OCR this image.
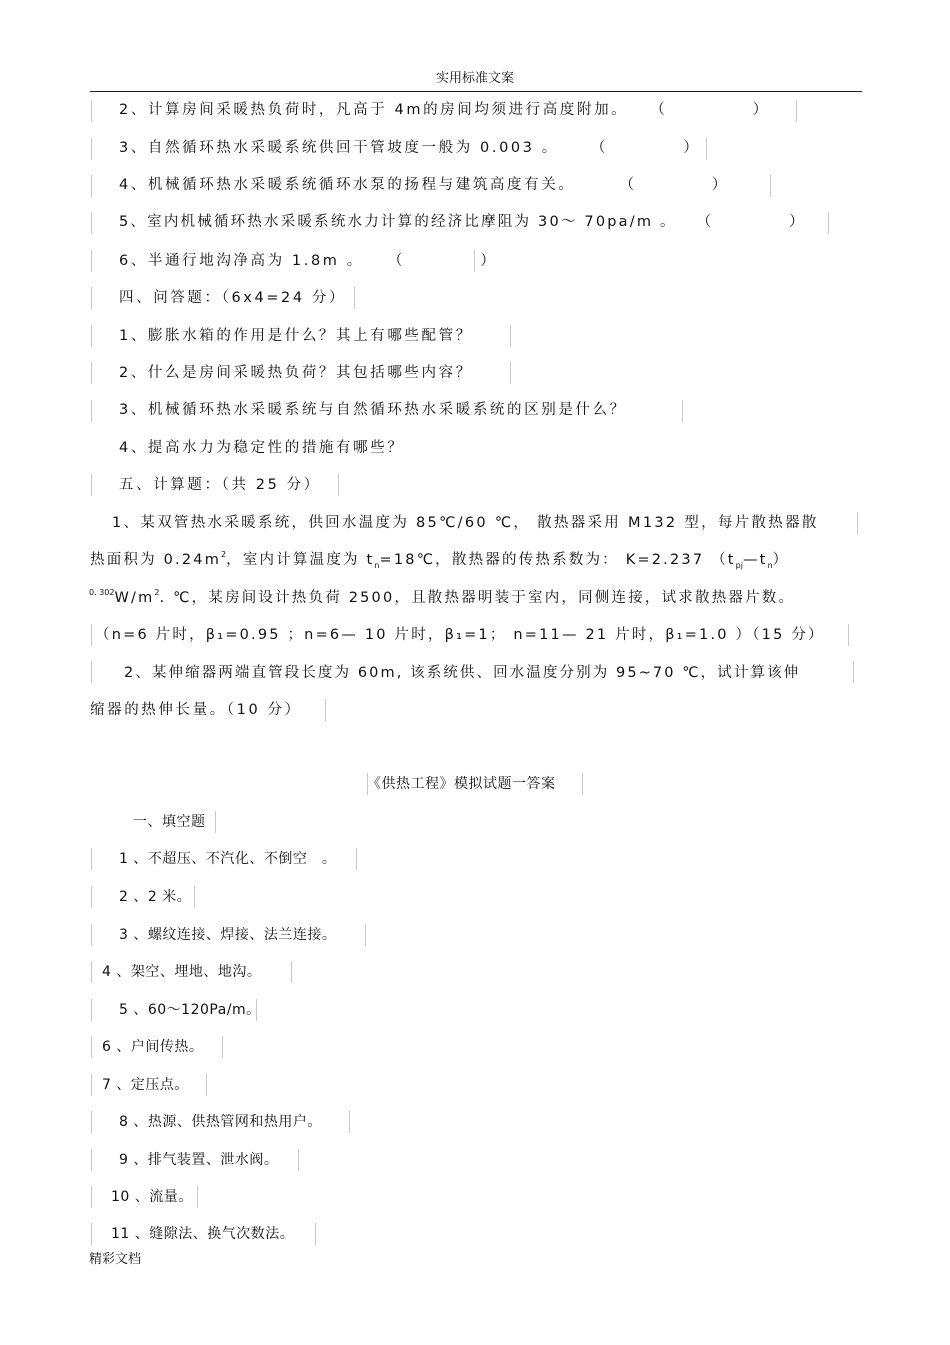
实用标准文案
2、计算房间采暖热负荷时，凡高于 4m的房间均须进行高度附加。 （　　　　）
3、自然循环热水采暖系统供回干管坡度一般为 0.003 。 （　　　　）
4、机械循环热水采暖系统循环水泵的扬程与建筑高度有关。	（　　　　）
5、室内机械循环热水采暖系统水力计算的经济比摩阻为 30～ 70pa/m 。 （　　　　）
6、半通行地沟净高为 1.8m 。 （　　　　）
四、问答题：（6x4=24 分）
1、膨胀水箱的作用是什么？其上有哪些配管？
2、什么是房间采暖热负荷？其包括哪些内容？
3、机械循环热水采暖系统与自然循环热水采暖系统的区别是什么？
4、提高水力为稳定性的措施有哪些？
五、计算题：（共 25 分）
1、某双管热水采暖系统，供回水温度为 85℃/60 ℃， 散热器采用 M132 型，每片散热器散
热面积为 $0.24m^2$，室内计算温度为 $t_n=18℃$，散热器的传热系数为： K=2.237 $(t_{pj}—t_n)$
$^{0. 302}W/m^2$. ℃，某房间设计热负荷 2500，且散热器明装于室内，同侧连接，试求散热器片数。
（n=6 片时，β₁=0.95 ；n=6— 10 片时，β₁=1； n=11— 21 片时，β₁=1.0 ）（15 分）
2、某伸缩器两端直管段长度为 60m, 该系统供、回水温度分别为 95~70 ℃，试计算该伸
缩器的热伸长量。（10 分）
《供热工程》模拟试题一答案
一、填空题
1 、不超压、不汽化、不倒空　。
2 、2 米。
3 、螺纹连接、焊接、法兰连接。
4 、架空、埋地、地沟。
5 、60～120Pa/m。
6 、户间传热。
7 、定压点。
8 、热源、供热管网和热用户。
9 、排气装置、泄水阀。
10 、流量。
11 、缝隙法、换气次数法。
精彩文档
